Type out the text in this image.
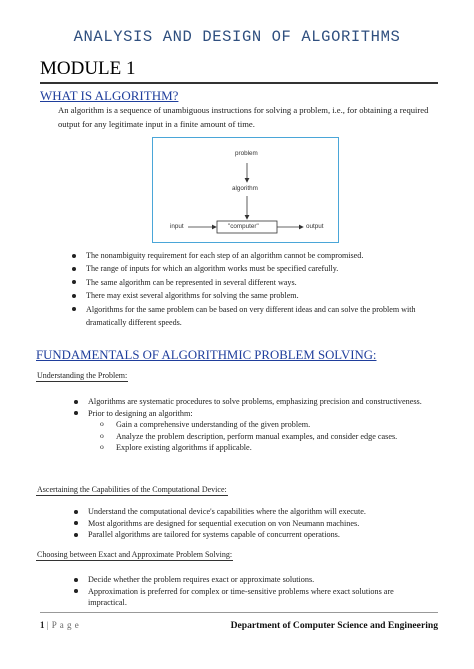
ANALYSIS AND DESIGN OF ALGORITHMS
MODULE 1
WHAT IS ALGORITHM?
An algorithm is a sequence of unambiguous instructions for solving a problem, i.e., for obtaining a required output for any legitimate input in a finite amount of time.
problem
algorithm
input	"computer"	output
The nonambiguity requirement for each step of an algorithm cannot be compromised.
The range of inputs for which an algorithm works must be specified carefully.
The same algorithm can be represented in several different ways.
There may exist several algorithms for solving the same problem.
Algorithms for the same problem can be based on very different ideas and can solve the problem with dramatically different speeds.
FUNDAMENTALS OF ALGORITHMIC PROBLEM SOLVING:
Understanding the Problem:
Algorithms are systematic procedures to solve problems, emphasizing precision and constructiveness.
Prior to designing an algorithm:
o Gain a comprehensive understanding of the given problem.
o Analyze the problem description, perform manual examples, and consider edge cases.
o Explore existing algorithms if applicable.
Ascertaining the Capabilities of the Computational Device:
Understand the computational device's capabilities where the algorithm will execute.
Most algorithms are designed for sequential execution on von Neumann machines.
Parallel algorithms are tailored for systems capable of concurrent operations.
Choosing between Exact and Approximate Problem Solving:
Decide whether the problem requires exact or approximate solutions.
Approximation is preferred for complex or time-sensitive problems where exact solutions are impractical.
1 | P a g e	Department of Computer Science and Engineering
